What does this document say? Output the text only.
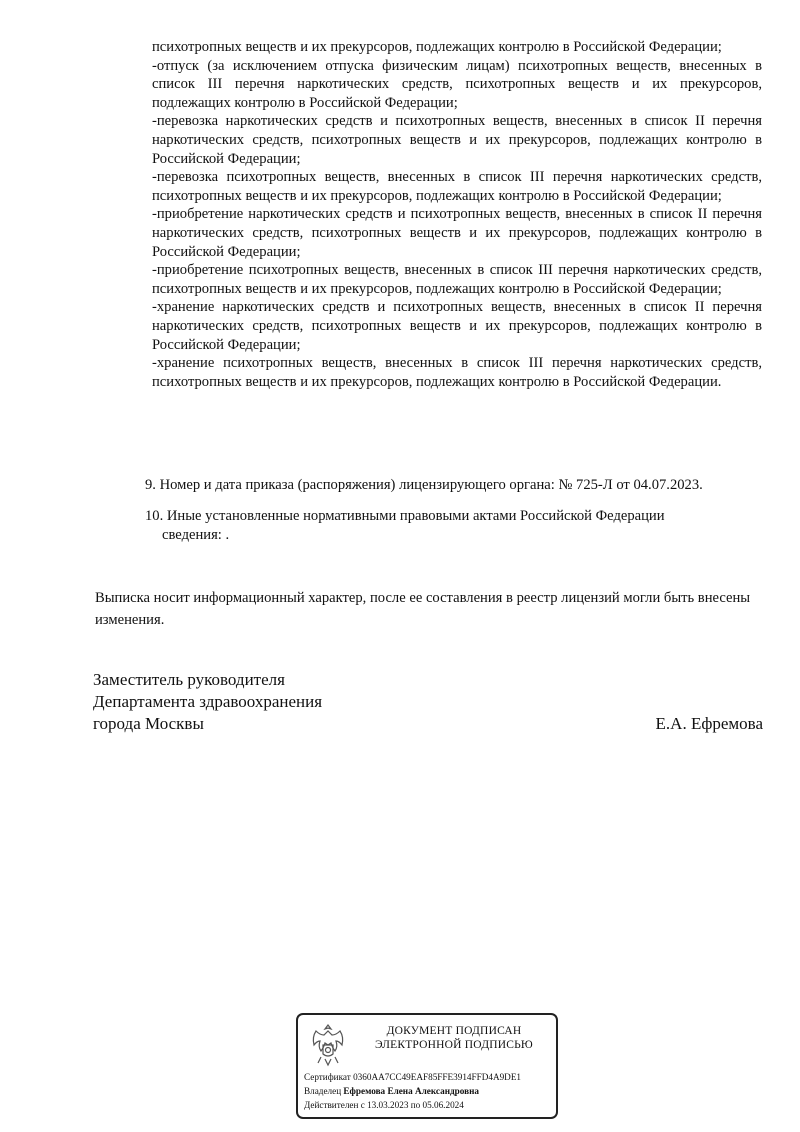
психотропных веществ и их прекурсоров, подлежащих контролю в Российской Федерации;

-отпуск (за исключением отпуска физическим лицам) психотропных веществ, внесенных в список III перечня наркотических средств, психотропных веществ и их прекурсоров, подлежащих контролю в Российской Федерации;

-перевозка наркотических средств и психотропных веществ, внесенных в список II перечня наркотических средств, психотропных веществ и их прекурсоров, подлежащих контролю в Российской Федерации;

-перевозка психотропных веществ, внесенных в список III перечня наркотических средств, психотропных веществ и их прекурсоров, подлежащих контролю в Российской Федерации;

-приобретение наркотических средств и психотропных веществ, внесенных в список II перечня наркотических средств, психотропных веществ и их прекурсоров, подлежащих контролю в Российской Федерации;

-приобретение психотропных веществ, внесенных в список III перечня наркотических средств, психотропных веществ и их прекурсоров, подлежащих контролю в Российской Федерации;

-хранение наркотических средств и психотропных веществ, внесенных в список II перечня наркотических средств, психотропных веществ и их прекурсоров, подлежащих контролю в Российской Федерации;

-хранение психотропных веществ, внесенных в список III перечня наркотических средств, психотропных веществ и их прекурсоров, подлежащих контролю в Российской Федерации.

9. Номер и дата приказа (распоряжения) лицензирующего органа: № 725-Л от 04.07.2023.
10. Иные установленные нормативными правовыми актами Российской Федерации
сведения: .
Выписка носит информационный характер, после ее составления в реестр лицензий могли быть внесены изменения.
Заместитель руководителя
Департамента здравоохранения
города Москвы	Е.А. Ефремова
ДОКУМЕНТ ПОДПИСАН
ЭЛЕКТРОННОЙ ПОДПИСЬЮ
Сертификат 0360AA7CC49EAF85FFE3914FFD4A9DE1
Владелец Ефремова Елена Александровна
Действителен с 13.03.2023 по 05.06.2024
